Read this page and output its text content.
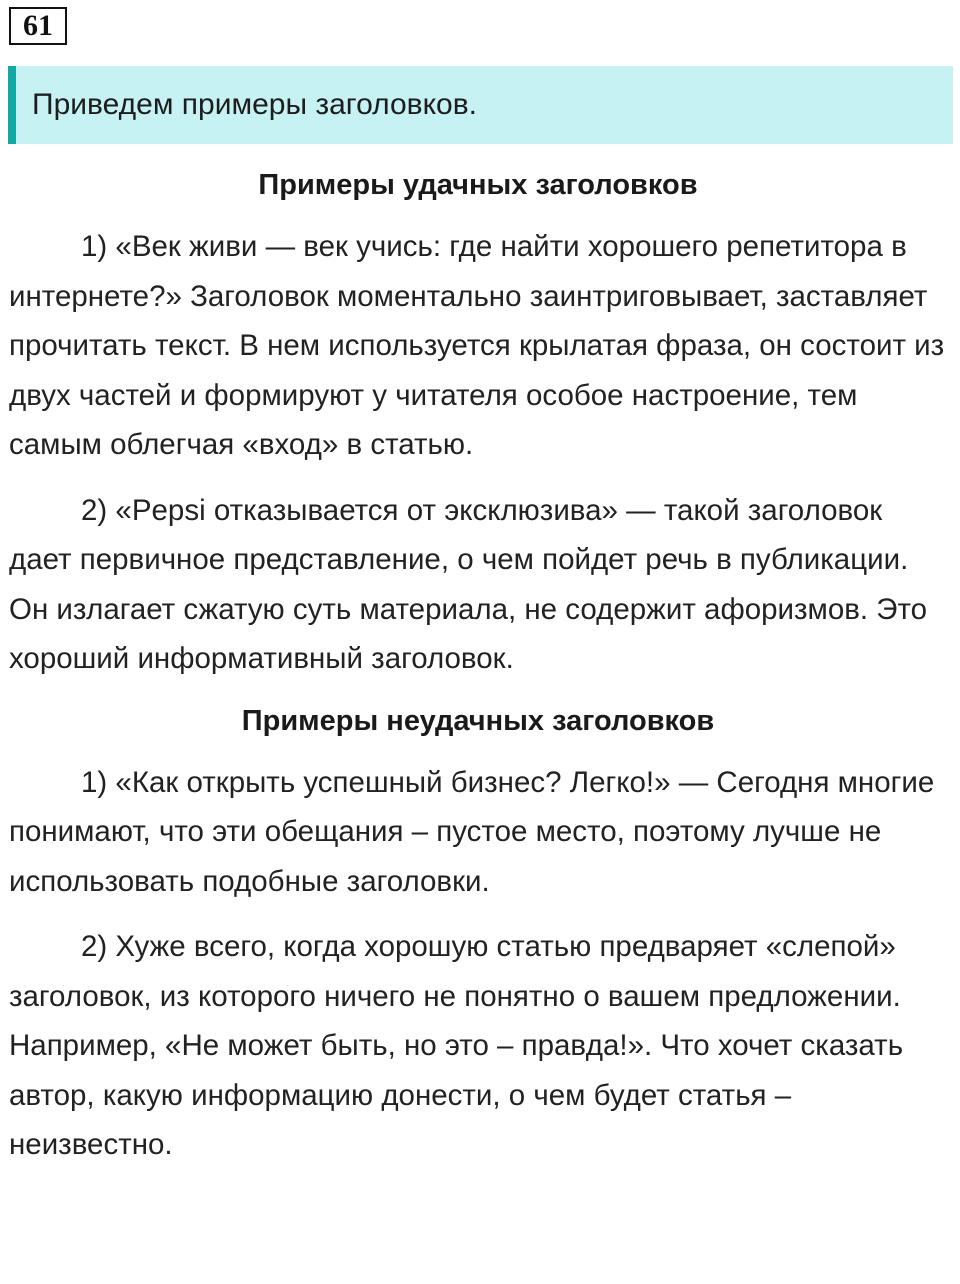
61
Приведем примеры заголовков.
Примеры удачных заголовков

1) «Век живи — век учись: где найти хорошего репетитора в интернете?» Заголовок моментально заинтриговывает, заставляет прочитать текст. В нем используется крылатая фраза, он состоит из двух частей и формируют у читателя особое настроение, тем самым облегчая «вход» в статью.

2) «Pepsi отказывается от эксклюзива» — такой заголовок дает первичное представление, о чем пойдет речь в публикации. Он излагает сжатую суть материала, не содержит афоризмов. Это хороший информативный заголовок.

Примеры неудачных заголовков

1) «Как открыть успешный бизнес? Легко!» — Сегодня многие понимают, что эти обещания – пустое место, поэтому лучше не использовать подобные заголовки.

2) Хуже всего, когда хорошую статью предваряет «слепой» заголовок, из которого ничего не понятно о вашем предложении. Например, «Не может быть, но это – правда!». Что хочет сказать автор, какую информацию донести, о чем будет статья – неизвестно.
